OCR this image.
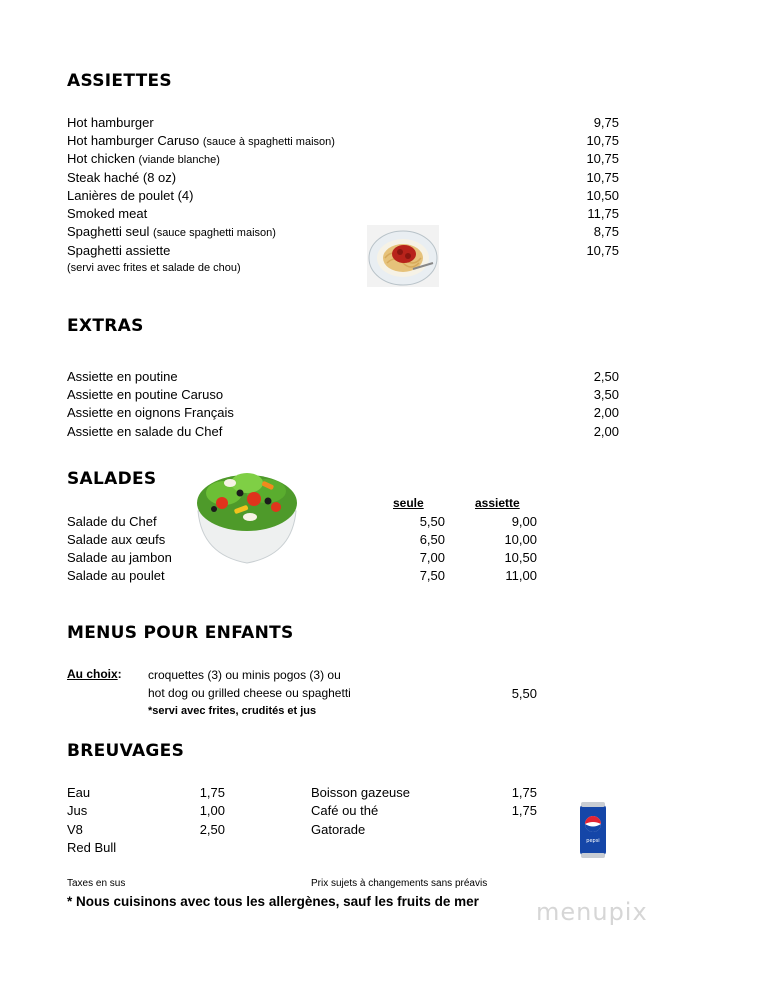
ASSIETTES
Hot hamburger	9,75
Hot hamburger Caruso (sauce à spaghetti maison)	10,75
Hot chicken (viande blanche)	10,75
Steak haché (8 oz)	10,75
Lanières de poulet (4)	10,50
Smoked meat	11,75
Spaghetti seul (sauce spaghetti maison)	8,75
Spaghetti assiette	10,75
(servi avec frites et salade de chou)
EXTRAS
Assiette en poutine	2,50
Assiette en poutine Caruso	3,50
Assiette en oignons Français	2,00
Assiette en salade du Chef	2,00
SALADES
seule	assiette
Salade du Chef	5,50	9,00
Salade aux œufs	6,50	10,00
Salade au jambon	7,00	10,50
Salade au poulet	7,50	11,00
MENUS POUR ENFANTS
Au choix: croquettes (3) ou minis pogos (3) ou
hot dog ou grilled cheese ou spaghetti	5,50
*servi avec frites, crudités et jus
BREUVAGES
Eau	1,75
Jus	1,00
V8	2,50
Red Bull
Boisson gazeuse	1,75
Café ou thé	1,75
Gatorade
pepsi
Taxes en sus	Prix sujets à changements sans préavis
* Nous cuisinons avec tous les allergènes, sauf les fruits de mer menupix
